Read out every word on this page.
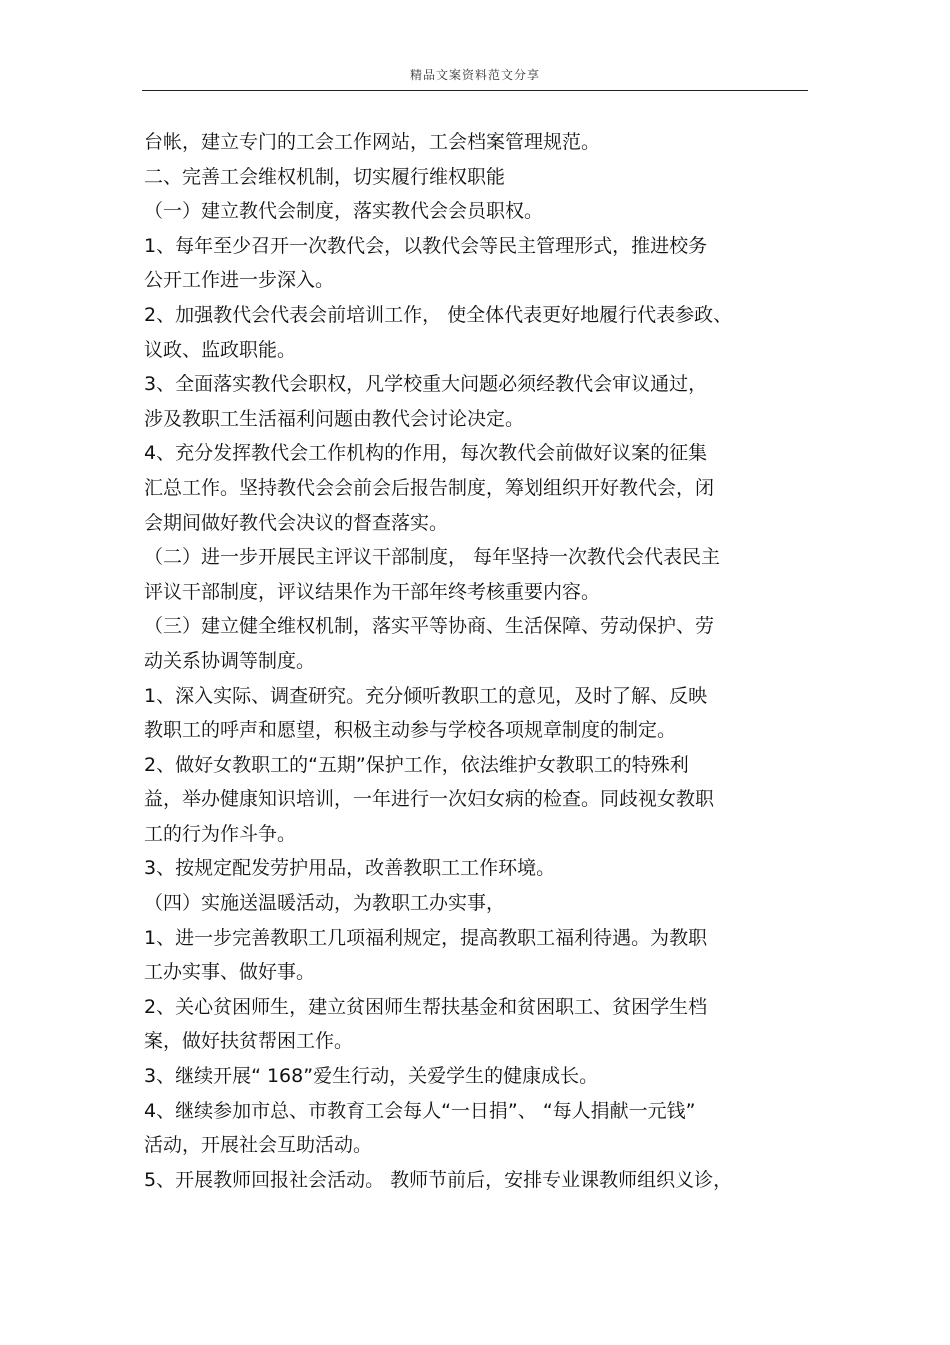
精品文案资料范文分享
台帐，建立专门的工会工作网站，工会档案管理规范。
二、完善工会维权机制，切实履行维权职能
（一）建立教代会制度，落实教代会会员职权。
1、每年至少召开一次教代会，以教代会等民主管理形式，推进校务
公开工作进一步深入。
2、加强教代会代表会前培训工作， 使全体代表更好地履行代表参政、
议政、监政职能。
3、全面落实教代会职权，凡学校重大问题必须经教代会审议通过，
涉及教职工生活福利问题由教代会讨论决定。
4、充分发挥教代会工作机构的作用，每次教代会前做好议案的征集
汇总工作。坚持教代会会前会后报告制度，筹划组织开好教代会，闭
会期间做好教代会决议的督查落实。
（二）进一步开展民主评议干部制度， 每年坚持一次教代会代表民主
评议干部制度，评议结果作为干部年终考核重要内容。
（三）建立健全维权机制，落实平等协商、生活保障、劳动保护、劳
动关系协调等制度。
1、深入实际、调查研究。充分倾听教职工的意见，及时了解、反映
教职工的呼声和愿望，积极主动参与学校各项规章制度的制定。
2、做好女教职工的“五期”保护工作，依法维护女教职工的特殊利
益，举办健康知识培训，一年进行一次妇女病的检查。同歧视女教职
工的行为作斗争。
3、按规定配发劳护用品，改善教职工工作环境。
（四）实施送温暖活动，为教职工办实事，
1、进一步完善教职工几项福利规定，提高教职工福利待遇。为教职
工办实事、做好事。
2、关心贫困师生，建立贫困师生帮扶基金和贫困职工、贫困学生档
案，做好扶贫帮困工作。
3、继续开展“ 168”爱生行动，关爱学生的健康成长。
4、继续参加市总、市教育工会每人“一日捐”、 “每人捐献一元钱”
活动，开展社会互助活动。
5、开展教师回报社会活动。 教师节前后，安排专业课教师组织义诊，
